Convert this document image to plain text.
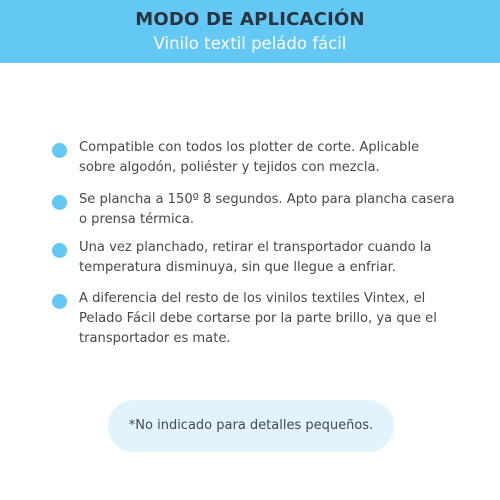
MODO DE APLICACIÓN
Vinilo textil peládo fácil
Compatible con todos los plotter de corte. Aplicable
sobre algodón, poliéster y tejidos con mezcla.
Se plancha a 150º 8 segundos. Apto para plancha casera
o prensa térmica.
Una vez planchado, retirar el transportador cuando la
temperatura disminuya, sin que llegue a enfriar.
A diferencia del resto de los vinilos textiles Vintex, el
Pelado Fácil debe cortarse por la parte brillo, ya que el
transportador es mate.
*No indicado para detalles pequeños.
